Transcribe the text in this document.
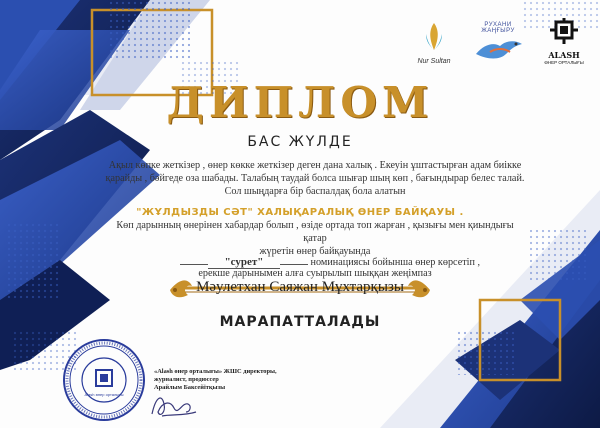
Nur Sultan
РУХАНИ ЖАҢҒЫРУ
ALASH
ӨНЕР ОРТАЛЫҒЫ
ДИПЛОМ
БАС ЖҮЛДЕ
Ақыл көпке жеткізер , өнер көкке жеткізер деген дана халық . Екеуін ұштастырған адам биікке
қарайды , бәйгеде оза шабады. Талабың таудай болса шығар шың көп , бағындырар белес талай.
Сол шыңдарға бір баспалдақ бола алатын
"ЖҰЛДЫЗДЫ СӘТ" ХАЛЫҚАРАЛЫҚ ӨНЕР БАЙҚАУЫ .
Көп дарынның өнерінен хабардар болып , өзіде ортада топ жарған , қызығы мен қиындығы қатар
жүретін өнер байқауында
"сурет"	номинациясы бойынша өнер көрсетіп ,
ерекше дарынымен алға суырылып шыққан жеңімпаз
Мәулетхан Саяжан Мұхтарқызы
МАРАПАТТАЛАДЫ
Alash өнер орталығы
«Alash өнер орталығы» ЖШС директоры,
журналист, продюссер
Арайлым Баксейітқызы
